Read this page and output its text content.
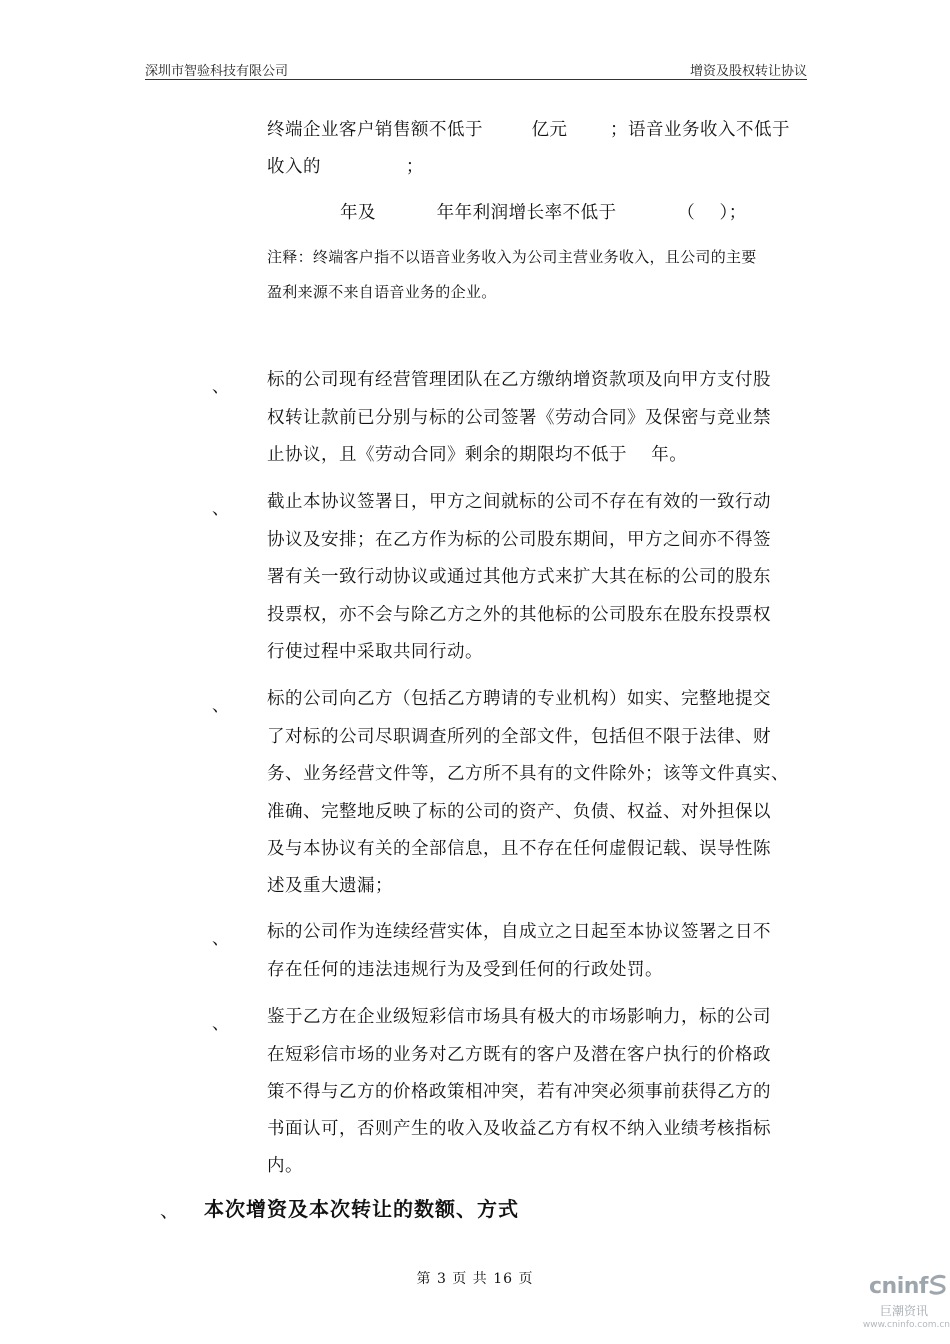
深圳市智验科技有限公司	增资及股权转让协议
终端企业客户销售额不低于        亿元       ；语音业务收入不低于
收入的              ；
年及          年年利润增长率不低于          （    ）；
注释：终端客户指不以语音业务收入为公司主营业务收入，且公司的主要
盈利来源不来自语音业务的企业。
、 标的公司现有经营管理团队在乙方缴纳增资款项及向甲方支付股
权转让款前已分别与标的公司签署《劳动合同》及保密与竞业禁
止协议，且《劳动合同》剩余的期限均不低于    年。
、 截止本协议签署日，甲方之间就标的公司不存在有效的一致行动
协议及安排；在乙方作为标的公司股东期间，甲方之间亦不得签
署有关一致行动协议或通过其他方式来扩大其在标的公司的股东
投票权，亦不会与除乙方之外的其他标的公司股东在股东投票权
行使过程中采取共同行动。
、 标的公司向乙方（包括乙方聘请的专业机构）如实、完整地提交
了对标的公司尽职调查所列的全部文件，包括但不限于法律、财
务、业务经营文件等，乙方所不具有的文件除外；该等文件真实、
准确、完整地反映了标的公司的资产、负债、权益、对外担保以
及与本协议有关的全部信息，且不存在任何虚假记载、误导性陈
述及重大遗漏；
、 标的公司作为连续经营实体，自成立之日起至本协议签署之日不
存在任何的违法违规行为及受到任何的行政处罚。
、 鉴于乙方在企业级短彩信市场具有极大的市场影响力，标的公司
在短彩信市场的业务对乙方既有的客户及潜在客户执行的价格政
策不得与乙方的价格政策相冲突，若有冲突必须事前获得乙方的
书面认可，否则产生的收入及收益乙方有权不纳入业绩考核指标
内。
、 本次增资及本次转让的数额、方式
第 3 页 共 16 页	cninf
巨潮资讯
www.cninfo.com.cn
